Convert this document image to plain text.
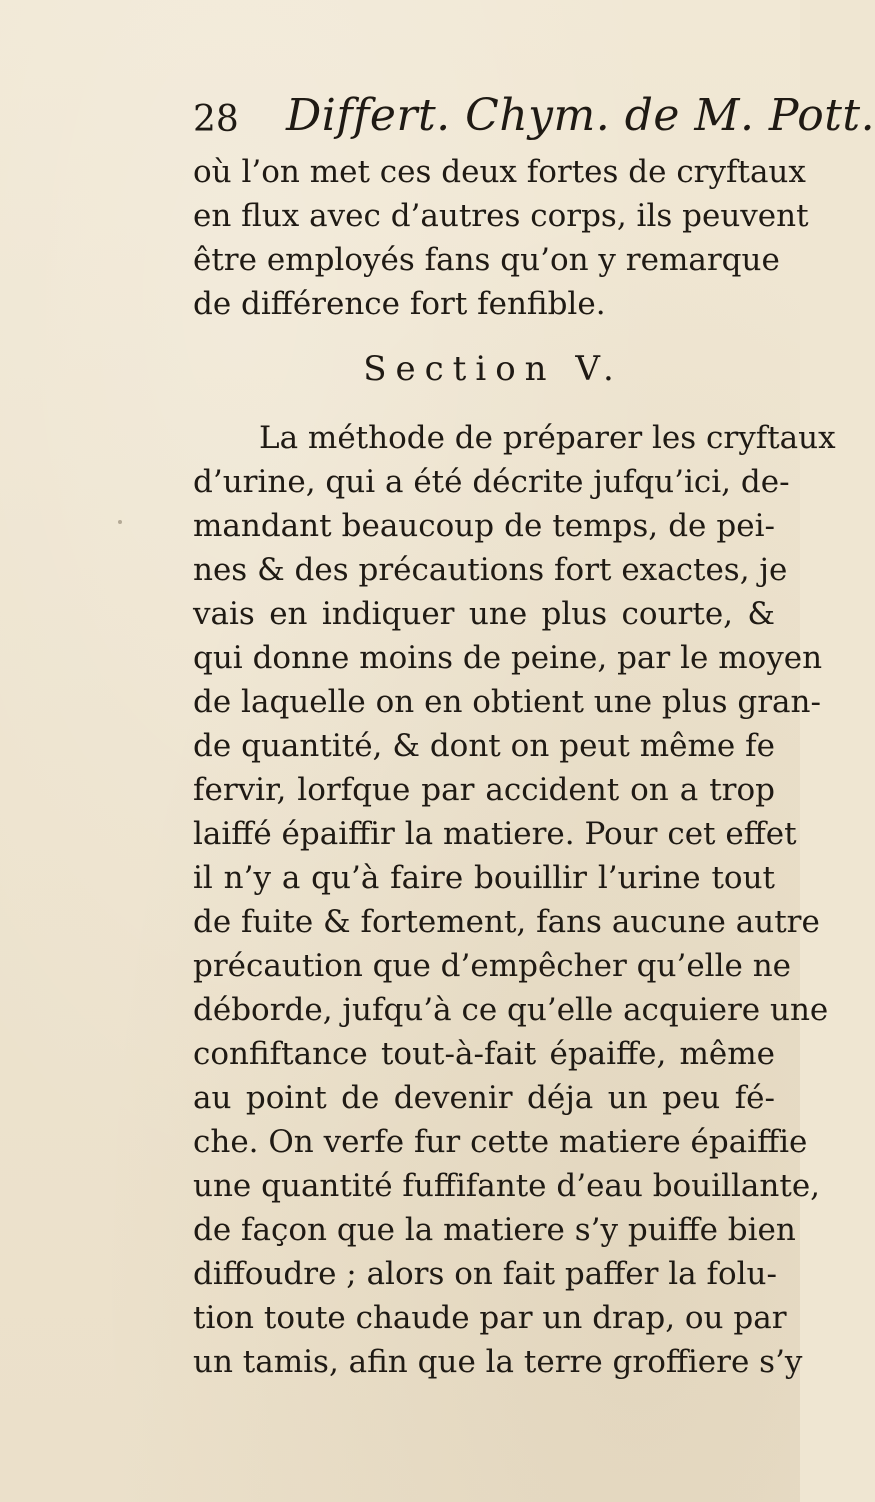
28 Differt. Chym. de M. Pott.
où l’on met ces deux fortes de cryftaux
en flux avec d’autres corps, ils peuvent
être employés fans qu’on y remarque
de différence fort fenfible.
Section V.
La méthode de préparer les cryftaux
d’urine, qui a été décrite jufqu’ici, de-
mandant beaucoup de temps, de pei-
nes & des précautions fort exactes, je
vais en indiquer une plus courte, &
qui donne moins de peine, par le moyen
de laquelle on en obtient une plus gran-
de quantité, & dont on peut même fe
fervir, lorfque par accident on a trop
laiffé épaiffir la matiere. Pour cet effet
il n’y a qu’à faire bouillir l’urine tout
de fuite & fortement, fans aucune autre
précaution que d’empêcher qu’elle ne
déborde, jufqu’à ce qu’elle acquiere une
confiftance tout-à-fait épaiffe, même
au point de devenir déja un peu fé-
che. On verfe fur cette matiere épaiffie
une quantité fuffifante d’eau bouillante,
de façon que la matiere s’y puiffe bien
diffoudre ; alors on fait paffer la folu-
tion toute chaude par un drap, ou par
un tamis, afin que la terre groffiere s’y
